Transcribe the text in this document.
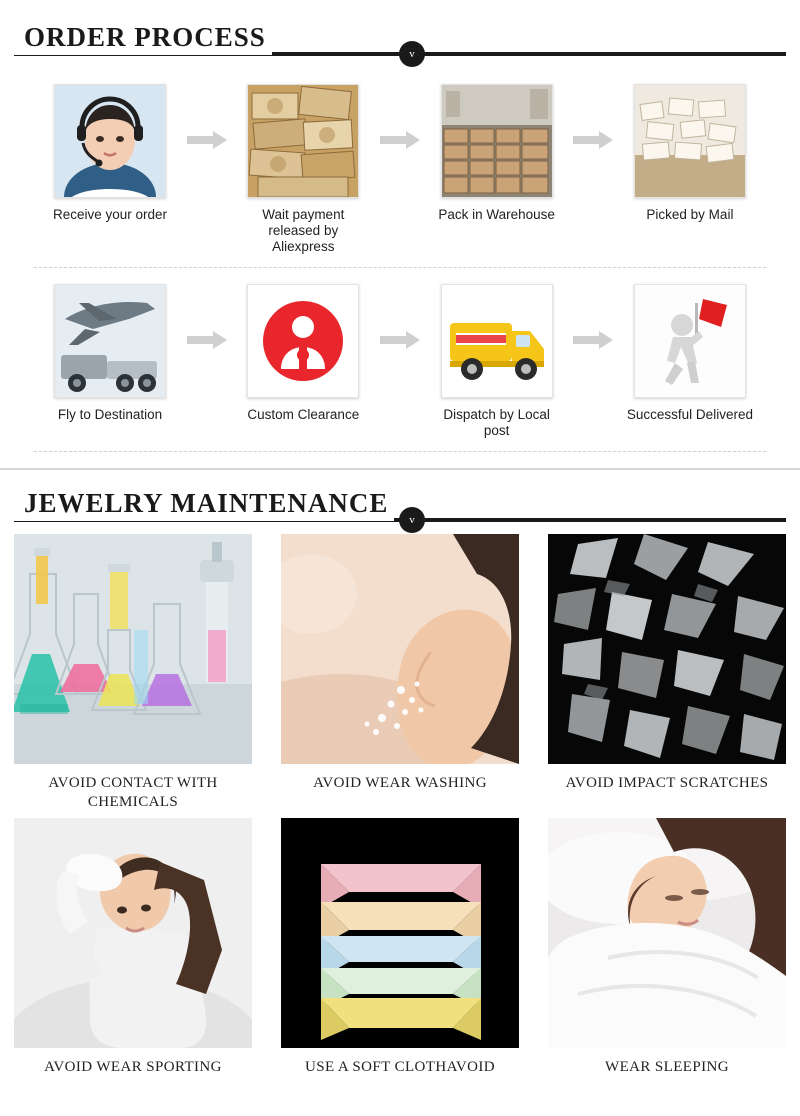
ORDER PROCESS
v
Receive your order	Wait payment released by Aliexpress
Pack in Warehouse	Picked by Mail
Fly to Destination	Custom Clearance	Dispatch by Local post
Successful Delivered
JEWELRY MAINTENANCE
v
AVOID CONTACT WITH CHEMICALS
AVOID WEAR WASHING	AVOID IMPACT SCRATCHES
AVOID WEAR SPORTING	USE A SOFT CLOTHAVOID	WEAR SLEEPING
